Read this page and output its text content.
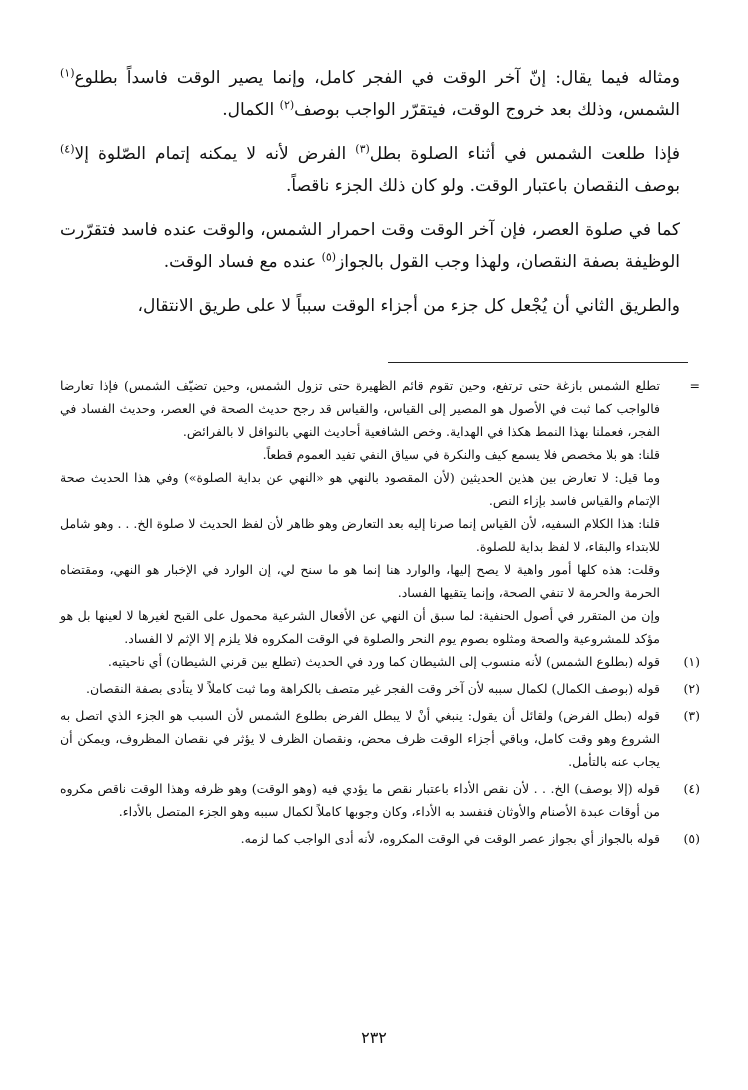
ومثاله فيما يقال: إنّ آخر الوقت في الفجر كامل، وإنما يصير الوقت فاسداً بطلوع$^{(١)}$ الشمس، وذلك بعد خروج الوقت، فيتقرّر الواجب بوصف$^{(٢)}$ الكمال.

فإذا طلعت الشمس في أثناء الصلوة بطل$^{(٣)}$ الفرض لأنه لا يمكنه إتمام الصّلوة إلا$^{(٤)}$ بوصف النقصان باعتبار الوقت. ولو كان ذلك الجزء ناقصاً.

كما في صلوة العصر، فإن آخر الوقت وقت احمرار الشمس، والوقت عنده فاسد فتقرّرت الوظيفة بصفة النقصان، ولهذا وجب القول بالجواز$^{(٥)}$ عنده مع فساد الوقت.

والطريق الثاني أن يُجْعل كل جزء من أجزاء الوقت سبباً لا على طريق الانتقال،

=

تطلع الشمس بازغة حتى ترتفع، وحين تقوم قائم الظهيرة حتى تزول الشمس، وحين تضيّف الشمس) فإذا تعارضا فالواجب كما ثبت في الأصول هو المصير إلى القياس، والقياس قد رجح حديث الصحة في العصر، وحديث الفساد في الفجر، فعملنا بهذا النمط هكذا في الهداية. وخص الشافعية أحاديث النهي بالنوافل لا بالفرائض.

قلنا: هو بلا مخصص فلا يسمع كيف والنكرة في سياق النفي تفيد العموم قطعاً.

وما قيل: لا تعارض بين هذين الحديثين (لأن المقصود بالنهي هو «النهي عن بداية الصلوة») وفي هذا الحديث صحة الإتمام والقياس فاسد بإزاء النص.

قلنا: هذا الكلام السفيه، لأن القياس إنما صرنا إليه بعد التعارض وهو ظاهر لأن لفظ الحديث لا صلوة الخ. . . وهو شامل للابتداء والبقاء، لا لفظ بداية للصلوة.

وقلت: هذه كلها أمور واهية لا يصح إليها، والوارد هنا إنما هو ما سنح لي، إن الوارد في الإخبار هو النهي، ومقتضاه الحرمة والحرمة لا تنفي الصحة، وإنما يتقيها الفساد.

وإن من المتقرر في أصول الحنفية: لما سبق أن النهي عن الأفعال الشرعية محمول على القبح لغيرها لا لعينها بل هو مؤكد للمشروعية والصحة ومثلوه بصوم يوم النحر والصلوة في الوقت المكروه فلا يلزم إلا الإثم لا الفساد.

(١)
قوله (بطلوع الشمس) لأنه منسوب إلى الشيطان كما ورد في الحديث (تطلع بين قرني الشيطان) أي ناحيتيه.
(٢)
قوله (بوصف الكمال) لكمال سببه لأن آخر وقت الفجر غير متصف بالكراهة وما ثبت كاملاً لا يتأدى بصفة النقصان.
(٣)
قوله (بطل الفرض) ولقائل أن يقول: ينبغي أنْ لا يبطل الفرض بطلوع الشمس لأن السبب هو الجزء الذي اتصل به الشروع وهو وقت كامل، وباقي أجزاء الوقت ظرف محض، ونقصان الظرف لا يؤثر في نقصان المظروف، ويمكن أن يجاب عنه بالتأمل.
(٤)
قوله (إلا بوصف) الخ. . . لأن نقص الأداء باعتبار نقص ما يؤدي فيه (وهو الوقت) وهو ظرفه وهذا الوقت ناقص مكروه من أوقات عبدة الأصنام والأوثان فنفسد به الأداء، وكان وجوبها كاملاً لكمال سببه وهو الجزء المتصل بالأداء.
(٥)
قوله بالجواز أي بجواز عصر الوقت في الوقت المكروه، لأنه أدى الواجب كما لزمه.
٢٣٢
